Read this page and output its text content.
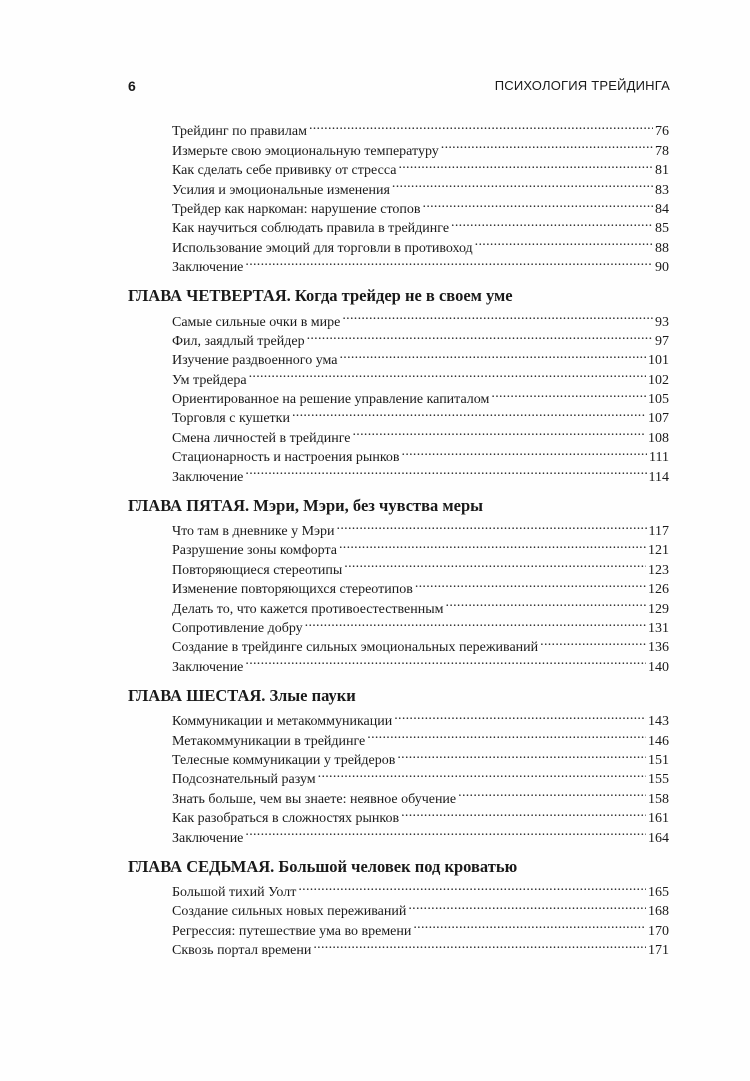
6	ПСИХОЛОГИЯ ТРЕЙДИНГА
Трейдинг по правилам . . .	76
Измерьте свою эмоциональную температуру . . .	78
Как сделать себе прививку от стресса . . .	81
Усилия и эмоциональные изменения . . .	83
Трейдер как наркоман: нарушение стопов . . .	84
Как научиться соблюдать правила в трейдинге . . .	85
Использование эмоций для торговли в противоход . . .	88
Заключение . . .	90
ГЛАВА ЧЕТВЕРТАЯ. Когда трейдер не в своем уме
Самые сильные очки в мире . . .	93
Фил, заядлый трейдер . . .	97
Изучение раздвоенного ума . . .	101
Ум трейдера . . .	102
Ориентированное на решение управление капиталом . . .	105
Торговля с кушетки . . .	107
Смена личностей в трейдинге . . .	108
Стационарность и настроения рынков . . .	111
Заключение . . .	114
ГЛАВА ПЯТАЯ. Мэри, Мэри, без чувства меры
Что там в дневнике у Мэри . . .	117
Разрушение зоны комфорта . . .	121
Повторяющиеся стереотипы . . .	123
Изменение повторяющихся стереотипов . . .	126
Делать то, что кажется противоестественным . . .	129
Сопротивление добру . . .	131
Создание в трейдинге сильных эмоциональных переживаний . . .	136
Заключение . . .	140
ГЛАВА ШЕСТАЯ. Злые пауки
Коммуникации и метакоммуникации . . .	143
Метакоммуникации в трейдинге . . .	146
Телесные коммуникации у трейдеров . . .	151
Подсознательный разум . . .	155
Знать больше, чем вы знаете: неявное обучение . . .	158
Как разобраться в сложностях рынков . . .	161
Заключение . . .	164
ГЛАВА СЕДЬМАЯ. Большой человек под кроватью
Большой тихий Уолт . . .	165
Создание сильных новых переживаний . . .	168
Регрессия: путешествие ума во времени . . .	170
Сквозь портал времени . . .	171
